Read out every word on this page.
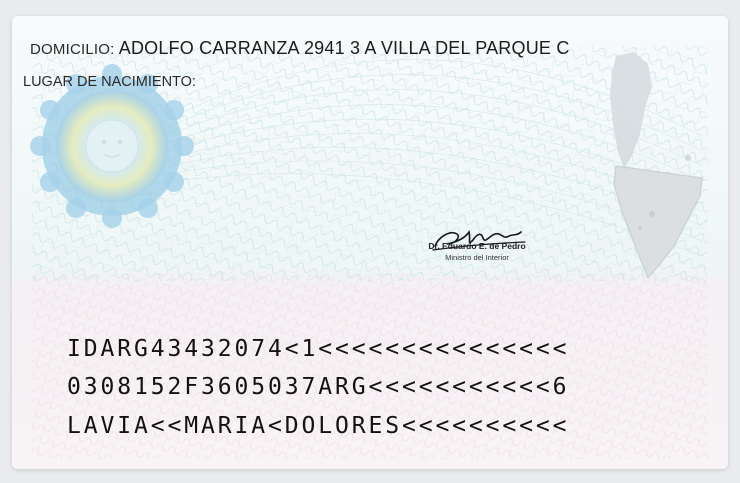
DOMICILIO: ADOLFO CARRANZA 2941 3 A VILLA DEL PARQUE C
LUGAR DE NACIMIENTO:
Dr. Eduardo E. de Pedro
Ministro del Interior
IDARG43432074<1<<<<<<<<<<<<<<<
0308152F3605037ARG<<<<<<<<<<<6
LAVIA<<MARIA<DOLORES<<<<<<<<<<
